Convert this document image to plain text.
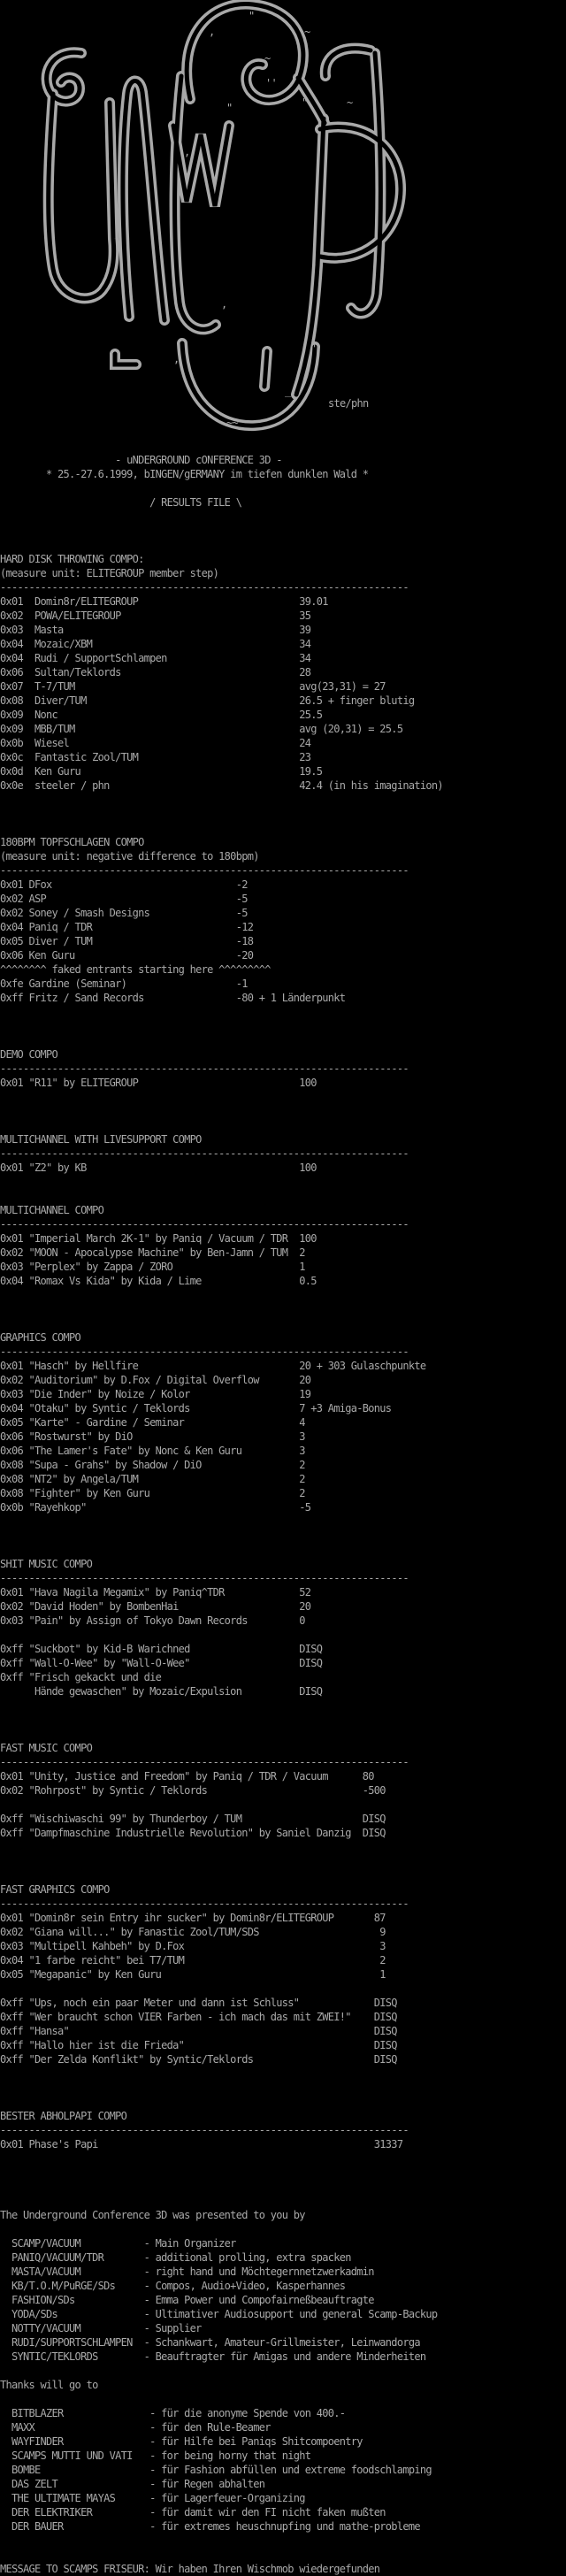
ste/phn
"
,	~
~
''
"	"	~
,
'
,
'
,
_,
~~
- uNDERGROUND cONFERENCE 3D -
* 25.-27.6.1999, bINGEN/gERMANY im tiefen dunklen Wald *
/ RESULTS FILE \
HARD DISK THROWING COMPO:
(measure unit: ELITEGROUP member step)
-----------------------------------------------------------------------
0x01  Domin8r/ELITEGROUP	39.01
0x02  POWA/ELITEGROUP	35
0x03  Masta	39
0x04  Mozaic/XBM	34
0x04  Rudi / SupportSchlampen	34
0x06  Sultan/Teklords	28
0x07  T-7/TUM	avg(23,31) = 27
0x08  Diver/TUM	26.5 + finger blutig
0x09  Nonc	25.5
0x09  MBB/TUM	avg (20,31) = 25.5
0x0b  Wiesel	24
0x0c  Fantastic Zool/TUM	23
0x0d  Ken Guru	19.5
0x0e  steeler / phn	42.4 (in his imagination)
180BPM TOPFSCHLAGEN COMPO
(measure unit: negative difference to 180bpm)
-----------------------------------------------------------------------
0x01 DFox	-2
0x02 ASP	-5
0x02 Soney / Smash Designs	-5
0x04 Paniq / TDR	-12
0x05 Diver / TUM	-18
0x06 Ken Guru	-20
^^^^^^^^ faked entrants starting here ^^^^^^^^^
0xfe Gardine (Seminar)	-1
0xff Fritz / Sand Records	-80 + 1 Länderpunkt
DEMO COMPO
-----------------------------------------------------------------------
0x01 "R11" by ELITEGROUP	100
MULTICHANNEL WITH LIVESUPPORT COMPO
-----------------------------------------------------------------------
0x01 "Z2" by KB	100
MULTICHANNEL COMPO
-----------------------------------------------------------------------
0x01 "Imperial March 2K-1" by Paniq / Vacuum / TDR 100
0x02 "MOON - Apocalypse Machine" by Ben-Jamn / TUM 2
0x03 "Perplex" by Zappa / ZORO	1
0x04 "Romax Vs Kida" by Kida / Lime	0.5
GRAPHICS COMPO
-----------------------------------------------------------------------
0x01 "Hasch" by Hellfire	20 + 303 Gulaschpunkte
0x02 "Auditorium" by D.Fox / Digital Overflow	20
0x03 "Die Inder" by Noize / Kolor	19
0x04 "Otaku" by Syntic / Teklords	7 +3 Amiga-Bonus
0x05 "Karte" - Gardine / Seminar	4
0x06 "Rostwurst" by DiO	3
0x06 "The Lamer's Fate" by Nonc & Ken Guru	3
0x08 "Supa - Grahs" by Shadow / DiO	2
0x08 "NT2" by Angela/TUM	2
0x08 "Fighter" by Ken Guru	2
0x0b "Rayehkop"	-5
SHIT MUSIC COMPO
-----------------------------------------------------------------------
0x01 "Hava Nagila Megamix" by Paniq^TDR	52
0x02 "David Hoden" by BombenHai	20
0x03 "Pain" by Assign of Tokyo Dawn Records	0
0xff "Suckbot" by Kid-B Warichned	DISQ
0xff "Wall-O-Wee" by "Wall-O-Wee"	DISQ
0xff "Frisch gekackt und die
Hände gewaschen" by Mozaic/Expulsion	DISQ
FAST MUSIC COMPO
-----------------------------------------------------------------------
0x01 "Unity, Justice and Freedom" by Paniq / TDR / Vacuum	80
0x02 "Rohrpost" by Syntic / Teklords	-500
0xff "Wischiwaschi 99" by Thunderboy / TUM	DISQ
0xff "Dampfmaschine Industrielle Revolution" by Saniel Danzig DISQ
FAST GRAPHICS COMPO
-----------------------------------------------------------------------
0x01 "Domin8r sein Entry ihr sucker" by Domin8r/ELITEGROUP	87
0x02 "Giana will..." by Fanastic Zool/TUM/SDS	9
0x03 "Multipell Kahbeh" by D.Fox	3
0x04 "1 farbe reicht" bei T7/TUM	2
0x05 "Megapanic" by Ken Guru	1
0xff "Ups, noch ein paar Meter und dann ist Schluss"	DISQ
0xff "Wer braucht schon VIER Farben - ich mach das mit ZWEI!" DISQ
0xff "Hansa"	DISQ
0xff "Hallo hier ist die Frieda"	DISQ
0xff "Der Zelda Konflikt" by Syntic/Teklords	DISQ
BESTER ABHOLPAPI COMPO
-----------------------------------------------------------------------
0x01 Phase's Papi	31337
The Underground Conference 3D was presented to you by
SCAMP/VACUUM	- Main Organizer
PANIQ/VACUUM/TDR	- additional prolling, extra spacken
MASTA/VACUUM	- right hand und Möchtegernnetzwerkadmin
KB/T.O.M/PuRGE/SDs	- Compos, Audio+Video, Kasperhannes
FASHION/SDs	- Emma Power und Compofairneßbeauftragte
YODA/SDs	- Ultimativer Audiosupport und general Scamp-Backup
NOTTY/VACUUM	- Supplier
RUDI/SUPPORTSCHLAMPEN - Schankwart, Amateur-Grillmeister, Leinwandorga
SYNTIC/TEKLORDS	- Beauftragter für Amigas und andere Minderheiten
Thanks will go to
BITBLAZER	- für die anonyme Spende von 400.-
MAXX	- für den Rule-Beamer
WAYFINDER	- für Hilfe bei Paniqs Shitcompoentry
SCAMPS MUTTI UND VATI - for being horny that night
BOMBE	- für Fashion abfüllen und extreme foodschlamping
DAS ZELT	- für Regen abhalten
THE ULTIMATE MAYAS	- für Lagerfeuer-Organizing
DER ELEKTRIKER	- für damit wir den FI nicht faken mußten
DER BAUER	- für extremes heuschnupfing und mathe-probleme
MESSAGE TO SCAMPS FRISEUR: Wir haben Ihren Wischmob wiedergefunden
